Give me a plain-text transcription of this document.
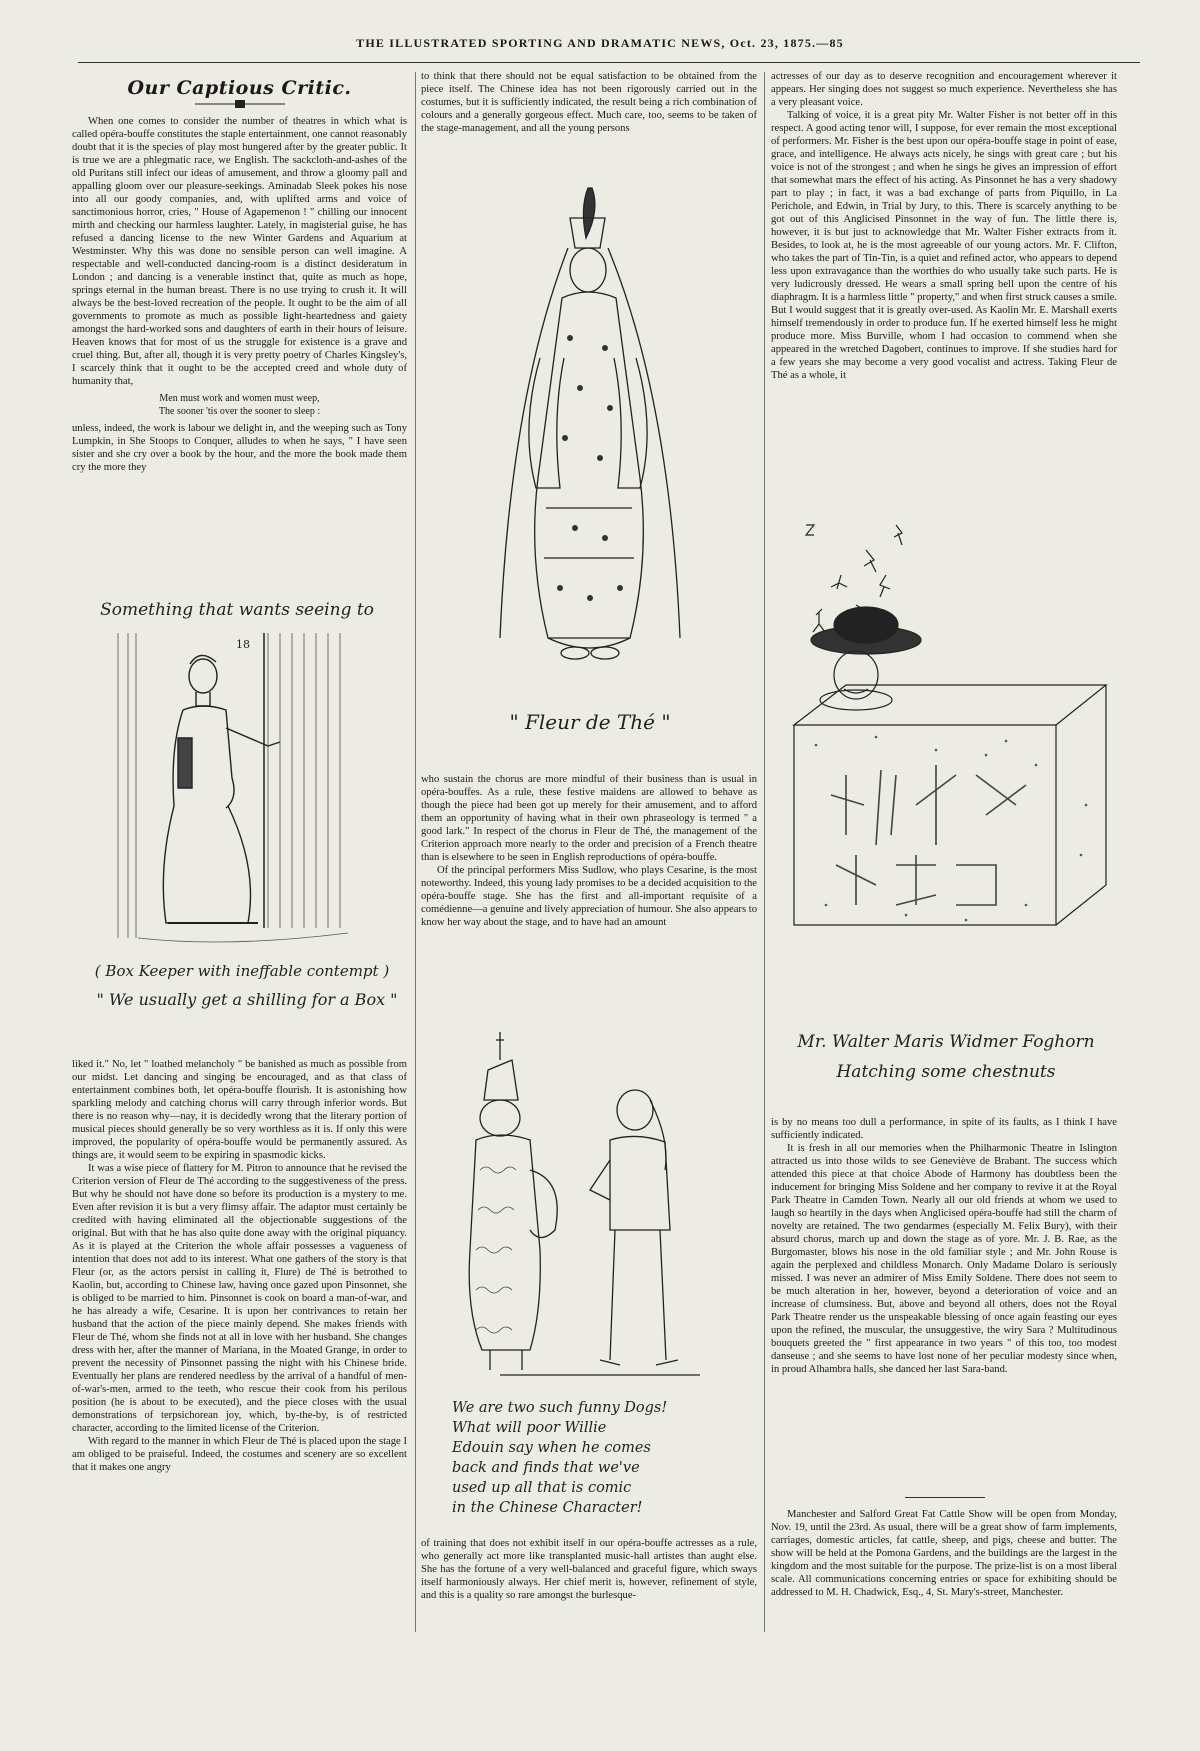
THE ILLUSTRATED SPORTING AND DRAMATIC NEWS, Oct. 23, 1875.—85
Our Captious Critic.

When one comes to consider the number of theatres in which what is called opéra-bouffe constitutes the staple entertainment, one cannot reasonably doubt that it is the species of play most hungered after by the greater public. It is true we are a phlegmatic race, we English. The sackcloth-and-ashes of the old Puritans still infect our ideas of amusement, and throw a gloomy pall and appalling gloom over our pleasure-seekings. Aminadab Sleek pokes his nose into all our goody companies, and, with uplifted arms and voice of sanctimonious horror, cries, " House of Agapemenon ! " chilling our innocent mirth and checking our harmless laughter. Lately, in magisterial guise, he has refused a dancing license to the new Winter Gardens and Aquarium at Westminster. Why this was done no sensible person can well imagine. A respectable and well-conducted dancing-room is a distinct desideratum in London ; and dancing is a venerable instinct that, quite as much as hope, springs eternal in the human breast. There is no use trying to crush it. It will always be the best-loved recreation of the people. It ought to be the aim of all governments to promote as much as possible light-heartedness and gaiety amongst the hard-worked sons and daughters of earth in their hours of leisure. Heaven knows that for most of us the struggle for existence is a grave and cruel thing. But, after all, though it is very pretty poetry of Charles Kingsley's, I scarcely think that it ought to be the accepted creed and whole duty of humanity that,

Men must work and women must weep,

The sooner 'tis over the sooner to sleep :

unless, indeed, the work is labour we delight in, and the weeping such as Tony Lumpkin, in She Stoops to Conquer, alludes to when he says, " I have seen sister and she cry over a book by the hour, and the more the book made them cry the more they

Something that wants seeing to
18
( Box Keeper with ineffable contempt )
" We usually get a shilling for a Box "

liked it." No, let " loathed melancholy " be banished as much as possible from our midst. Let dancing and singing be encouraged, and as that class of entertainment combines both, let opéra-bouffe flourish. It is astonishing how sparkling melody and catching chorus will carry through inferior words. But there is no reason why—nay, it is decidedly wrong that the literary portion of musical pieces should generally be so very worthless as it is. If only this were improved, the popularity of opéra-bouffe would be permanently assured. As things are, it would seem to be expiring in spasmodic kicks.

It was a wise piece of flattery for M. Pitron to announce that he revised the Criterion version of Fleur de Thé according to the suggestiveness of the press. But why he should not have done so before its production is a mystery to me. Even after revision it is but a very flimsy affair. The adaptor must certainly be credited with having eliminated all the objectionable suggestions of the original. But with that he has also quite done away with the original piquancy. As it is played at the Criterion the whole affair possesses a vagueness of intention that does not add to its interest. What one gathers of the story is that Fleur (or, as the actors persist in calling it, Flure) de Thé is betrothed to Kaolin, but, according to Chinese law, having once gazed upon Pinsonnet, she is obliged to be married to him. Pinsonnet is cook on board a man-of-war, and he has already a wife, Cesarine. It is upon her contrivances to retain her husband that the action of the piece mainly depend. She makes friends with Fleur de Thé, whom she finds not at all in love with her husband. She changes dress with her, after the manner of Mariana, in the Moated Grange, in order to prevent the necessity of Pinsonnet passing the night with his Chinese bride. Eventually her plans are rendered needless by the arrival of a handful of men-of-war's-men, armed to the teeth, who rescue their cook from his perilous position (he is about to be executed), and the piece closes with the usual demonstrations of terpsichorean joy, which, by-the-by, is of restricted character, according to the limited license of the Criterion.

With regard to the manner in which Fleur de Thé is placed upon the stage I am obliged to be praiseful. Indeed, the costumes and scenery are so excellent that it makes one angry

to think that there should not be equal satisfaction to be obtained from the piece itself. The Chinese idea has not been rigorously carried out in the costumes, but it is sufficiently indicated, the result being a rich combination of colours and a generally gorgeous effect. Much care, too, seems to be taken of the stage-management, and all the young persons

" Fleur de Thé "

who sustain the chorus are more mindful of their business than is usual in opéra-bouffes. As a rule, these festive maidens are allowed to behave as though the piece had been got up merely for their amusement, and to afford them an opportunity of having what in their own phraseology is termed " a good lark." In respect of the chorus in Fleur de Thé, the management of the Criterion approach more nearly to the order and precision of a French theatre than is elsewhere to be seen in English reproductions of opéra-bouffe.

Of the principal performers Miss Sudlow, who plays Cesarine, is the most noteworthy. Indeed, this young lady promises to be a decided acquisition to the opéra-bouffe stage. She has the first and all-important requisite of a comédienne—a genuine and lively appreciation of humour. She also appears to know her way about the stage, and to have had an amount

We are two such funny Dogs!
What will poor Willie
Edouin say when he comes
back and finds that we've
used up all that is comic
in the Chinese Character!

of training that does not exhibit itself in our opéra-bouffe actresses as a rule, who generally act more like transplanted music-hall artistes than aught else. She has the fortune of a very well-balanced and graceful figure, which sways itself harmoniously always. Her chief merit is, however, refinement of style, and this is a quality so rare amongst the burlesque-

actresses of our day as to deserve recognition and encouragement wherever it appears. Her singing does not suggest so much experience. Nevertheless she has a very pleasant voice.

Talking of voice, it is a great pity Mr. Walter Fisher is not better off in this respect. A good acting tenor will, I suppose, for ever remain the most exceptional of performers. Mr. Fisher is the best upon our opéra-bouffe stage in point of ease, grace, and intelligence. He always acts nicely, he sings with great care ; but his voice is not of the strongest ; and when he sings he gives an impression of effort that somewhat mars the effect of his acting. As Pinsonnet he has a very shadowy part to play ; in fact, it was a bad exchange of parts from Piquillo, in La Perichole, and Edwin, in Trial by Jury, to this. There is scarcely anything to be got out of this Anglicised Pinsonnet in the way of fun. The little there is, however, it is but just to acknowledge that Mr. Walter Fisher extracts from it. Besides, to look at, he is the most agreeable of our young actors. Mr. F. Clifton, who takes the part of Tin-Tin, is a quiet and refined actor, who appears to depend less upon extravagance than the worthies do who usually take such parts. He is very ludicrously dressed. He wears a small spring bell upon the centre of his diaphragm. It is a harmless little " property," and when first struck causes a smile. But I would suggest that it is greatly over-used. As Kaolin Mr. E. Marshall exerts himself tremendously in order to produce fun. If he exerted himself less he might produce more. Miss Burville, whom I had occasion to commend when she appeared in the wretched Dagobert, continues to improve. If she studies hard for a few years she may become a very good vocalist and actress. Taking Fleur de Thé as a whole, it

Mr. Walter Maris Widmer Foghorn
Hatching some chestnuts

is by no means too dull a performance, in spite of its faults, as I think I have sufficiently indicated.

It is fresh in all our memories when the Philharmonic Theatre in Islington attracted us into those wilds to see Geneviève de Brabant. The success which attended this piece at that choice Abode of Harmony has doubtless been the inducement for bringing Miss Soldene and her company to revive it at the Royal Park Theatre in Camden Town. Nearly all our old friends at whom we used to laugh so heartily in the days when Anglicised opéra-bouffe had still the charm of novelty are retained. The two gendarmes (especially M. Felix Bury), with their absurd chorus, march up and down the stage as of yore. Mr. J. B. Rae, as the Burgomaster, blows his nose in the old familiar style ; and Mr. John Rouse is again the perplexed and childless Monarch. Only Madame Dolaro is seriously missed. I was never an admirer of Miss Emily Soldene. There does not seem to be much alteration in her, however, beyond a deterioration of voice and an increase of clumsiness. But, above and beyond all others, does not the Royal Park Theatre render us the unspeakable blessing of once again feasting our eyes upon the refined, the muscular, the unsuggestive, the wiry Sara ? Multitudinous bouquets greeted the " first appearance in two years " of this too, too modest danseuse ; and she seems to have lost none of her peculiar modesty since when, in proud Alhambra halls, she danced her last Sara-band.

Manchester and Salford Great Fat Cattle Show will be open from Monday, Nov. 19, until the 23rd. As usual, there will be a great show of farm implements, carriages, domestic articles, fat cattle, sheep, and pigs, cheese and butter. The show will be held at the Pomona Gardens, and the buildings are the largest in the kingdom and the most suitable for the purpose. The prize-list is on a most liberal scale. All communications concerning entries or space for exhibiting should be addressed to M. H. Chadwick, Esq., 4, St. Mary's-street, Manchester.
